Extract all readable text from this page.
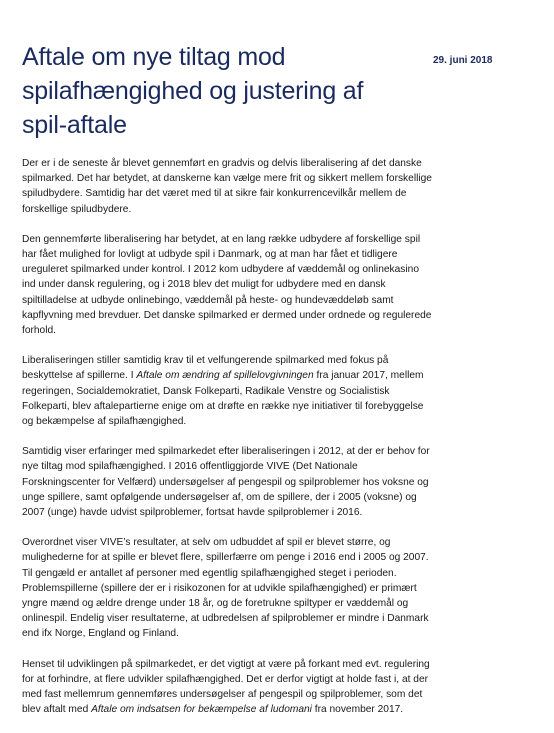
Aftale om nye tiltag mod spilafhængighed og justering af spil-aftale
29. juni 2018

Der er i de seneste år blevet gennemført en gradvis og delvis liberalisering af det danske spilmarked. Det har betydet, at danskerne kan vælge mere frit og sikkert mellem forskellige spiludbydere. Samtidig har det været med til at sikre fair konkurrencevilkår mellem de forskellige spiludbydere.

Den gennemførte liberalisering har betydet, at en lang række udbydere af forskellige spil har fået mulighed for lovligt at udbyde spil i Danmark, og at man har fået et tidligere ureguleret spilmarked under kontrol. I 2012 kom udbydere af væddemål og onlinekasino ind under dansk regulering, og i 2018 blev det muligt for udbydere med en dansk spiltilladelse at udbyde onlinebingo, væddemål på heste- og hundevæddeløb samt kapflyvning med brevduer. Det danske spilmarked er dermed under ordnede og regulerede forhold.

Liberaliseringen stiller samtidig krav til et velfungerende spilmarked med fokus på beskyttelse af spillerne. I Aftale om ændring af spillelovgivningen fra januar 2017, mellem regeringen, Socialdemokratiet, Dansk Folkeparti, Radikale Venstre og Socialistisk Folkeparti, blev aftalepartierne enige om at drøfte en række nye initiativer til forebyggelse og bekæmpelse af spilafhængighed.

Samtidig viser erfaringer med spilmarkedet efter liberaliseringen i 2012, at der er behov for nye tiltag mod spilafhængighed. I 2016 offentliggjorde VIVE (Det Nationale Forskningscenter for Velfærd) undersøgelser af pengespil og spilproblemer hos voksne og unge spillere, samt opfølgende undersøgelser af, om de spillere, der i 2005 (voksne) og 2007 (unge) havde udvist spilproblemer, fortsat havde spilproblemer i 2016.

Overordnet viser VIVE’s resultater, at selv om udbuddet af spil er blevet større, og mulighederne for at spille er blevet flere, spillerfærre om penge i 2016 end i 2005 og 2007. Til gengæld er antallet af personer med egentlig spilafhængighed steget i perioden. Problemspillerne (spillere der er i risikozonen for at udvikle spilafhængighed) er primært yngre mænd og ældre drenge under 18 år, og de foretrukne spiltyper er væddemål og onlinespil. Endelig viser resultaterne, at udbredelsen af spilproblemer er mindre i Danmark end ifx Norge, England og Finland.

Henset til udviklingen på spilmarkedet, er det vigtigt at være på forkant med evt. regulering for at forhindre, at flere udvikler spilafhængighed. Det er derfor vigtigt at holde fast i, at der med fast mellemrum gennemføres undersøgelser af pengespil og spilproblemer, som det blev aftalt med Aftale om indsatsen for bekæmpelse af ludomani fra november 2017.
